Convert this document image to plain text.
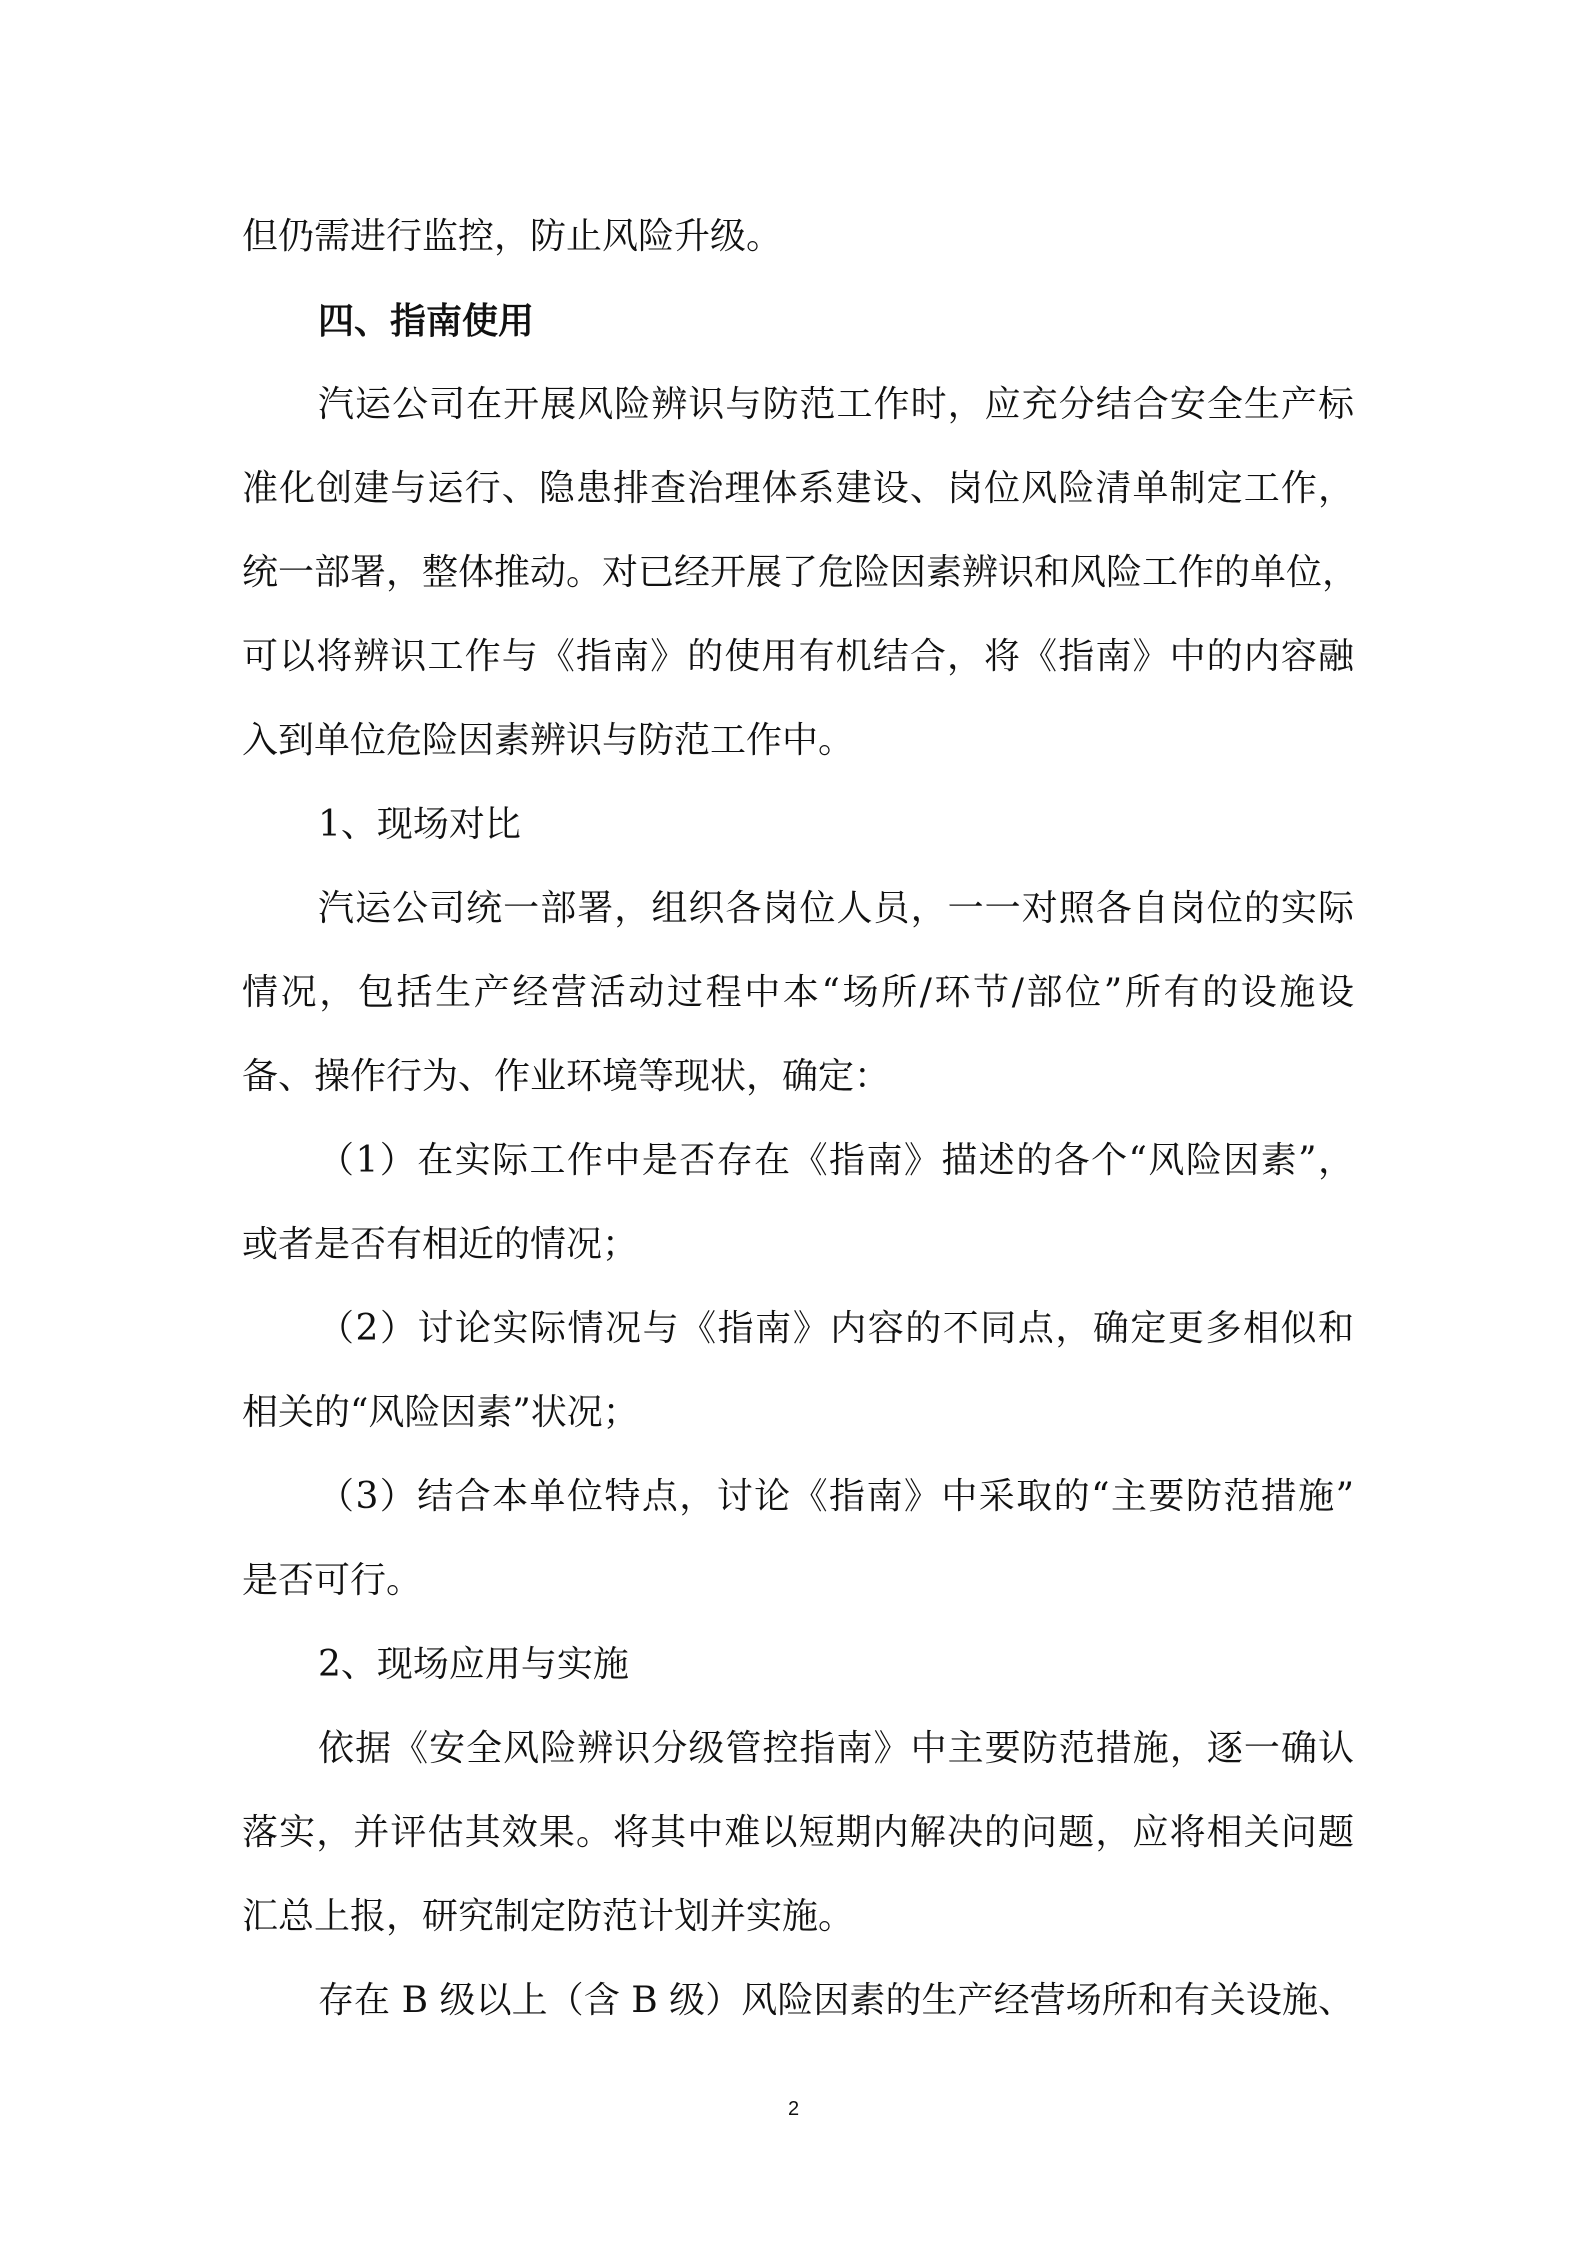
但仍需进行监控，防止风险升级。
四、指南使用
汽运公司在开展风险辨识与防范工作时，应充分结合安全生产标
准化创建与运行、隐患排查治理体系建设、岗位风险清单制定工作，
统一部署，整体推动。对已经开展了危险因素辨识和风险工作的单位，
可以将辨识工作与《指南》的使用有机结合，将《指南》中的内容融
入到单位危险因素辨识与防范工作中。
1、现场对比
汽运公司统一部署，组织各岗位人员，一一对照各自岗位的实际
情况，包括生产经营活动过程中本“场所/环节/部位”所有的设施设
备、操作行为、作业环境等现状，确定：
（1）在实际工作中是否存在《指南》描述的各个“风险因素”，
或者是否有相近的情况；
（2）讨论实际情况与《指南》内容的不同点，确定更多相似和
相关的“风险因素”状况；
（3）结合本单位特点，讨论《指南》中采取的“主要防范措施”
是否可行。
2、现场应用与实施
依据《安全风险辨识分级管控指南》中主要防范措施，逐一确认
落实，并评估其效果。将其中难以短期内解决的问题，应将相关问题
汇总上报，研究制定防范计划并实施。
存在 B 级以上（含 B 级）风险因素的生产经营场所和有关设施、
2
